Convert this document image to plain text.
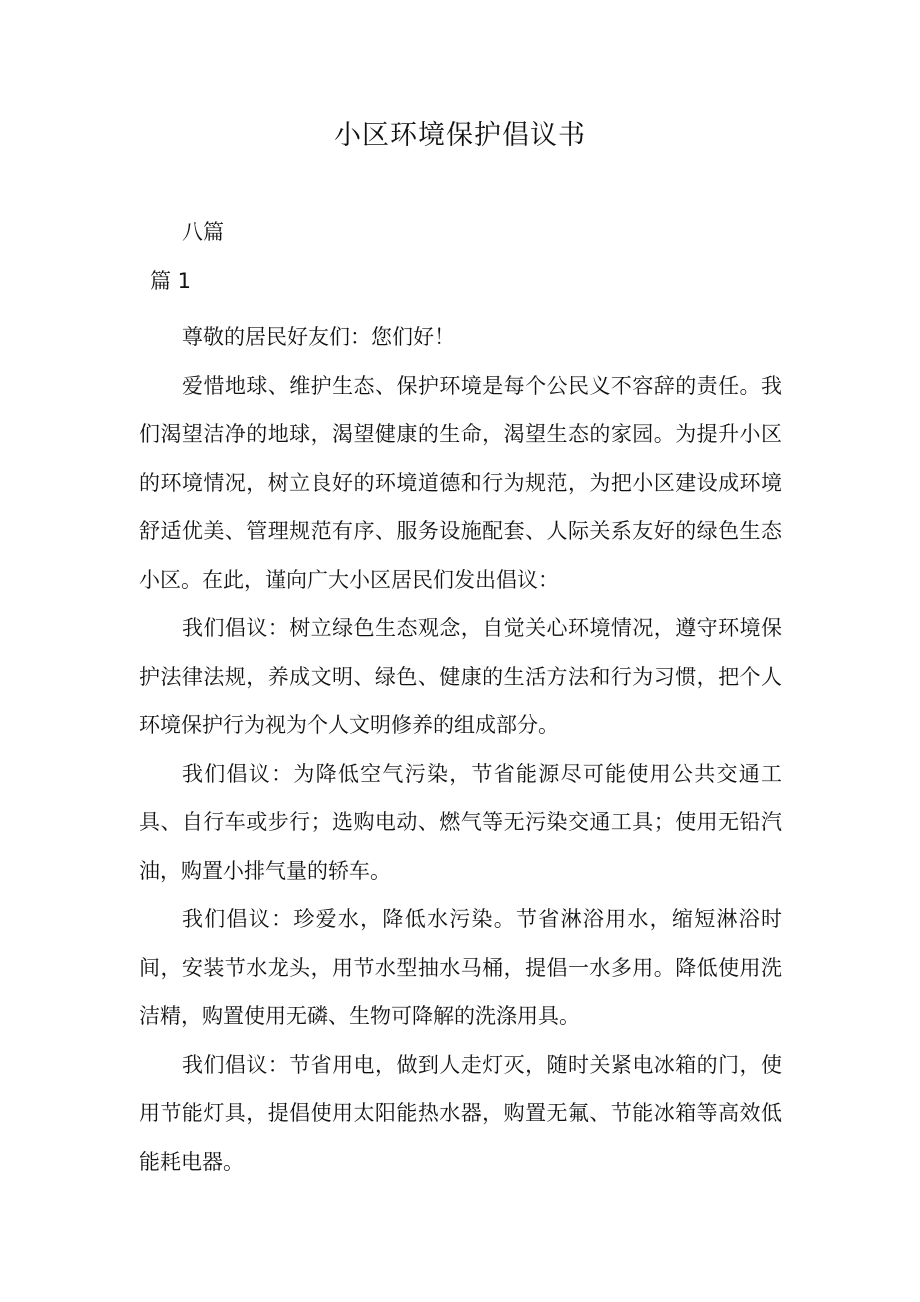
小区环境保护倡议书
八篇
篇 1

尊敬的居民好友们：您们好！

爱惜地球、维护生态、保护环境是每个公民义不容辞的责任。我们渴望洁净的地球，渴望健康的生命，渴望生态的家园。为提升小区的环境情况，树立良好的环境道德和行为规范，为把小区建设成环境舒适优美、管理规范有序、服务设施配套、人际关系友好的绿色生态小区。在此，谨向广大小区居民们发出倡议：

我们倡议：树立绿色生态观念，自觉关心环境情况，遵守环境保护法律法规，养成文明、绿色、健康的生活方法和行为习惯，把个人环境保护行为视为个人文明修养的组成部分。

我们倡议：为降低空气污染，节省能源尽可能使用公共交通工具、自行车或步行；选购电动、燃气等无污染交通工具；使用无铅汽油，购置小排气量的轿车。

我们倡议：珍爱水，降低水污染。节省淋浴用水，缩短淋浴时间，安装节水龙头，用节水型抽水马桶，提倡一水多用。降低使用洗洁精，购置使用无磷、生物可降解的洗涤用具。

我们倡议：节省用电，做到人走灯灭，随时关紧电冰箱的门，使用节能灯具，提倡使用太阳能热水器，购置无氟、节能冰箱等高效低能耗电器。
